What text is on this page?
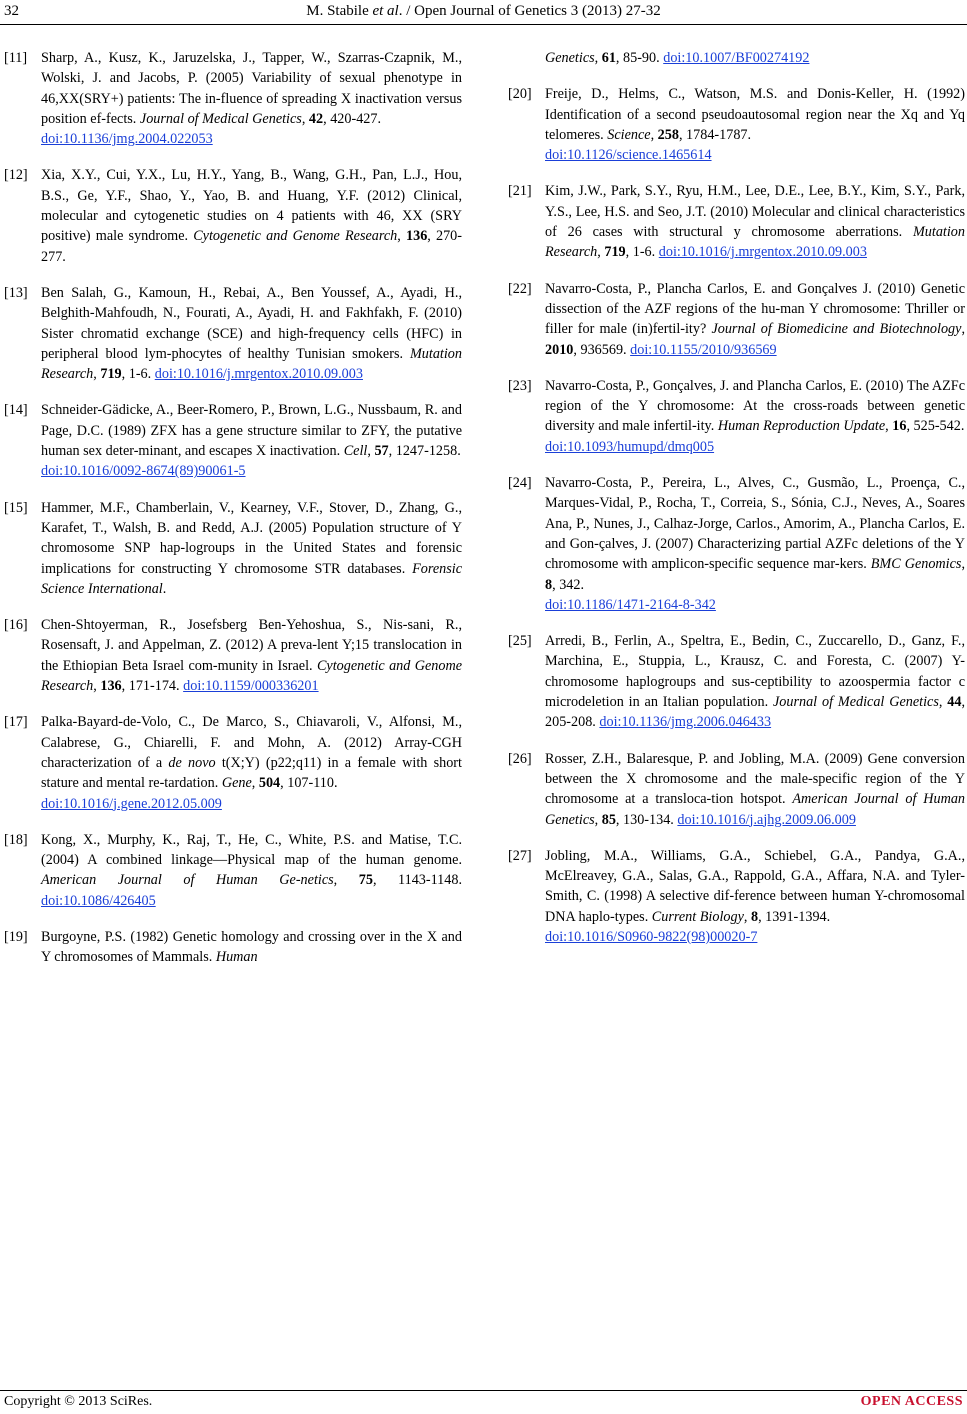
32	M. Stabile et al. / Open Journal of Genetics 3 (2013) 27-32
[11] Sharp, A., Kusz, K., Jaruzelska, J., Tapper, W., Szarras-Czapnik, M., Wolski, J. and Jacobs, P. (2005) Variability of sexual phenotype in 46,XX(SRY+) patients: The in-fluence of spreading X inactivation versus position ef-fects. Journal of Medical Genetics, 42, 420-427.
doi:10.1136/jmg.2004.022053
[12] Xia, X.Y., Cui, Y.X., Lu, H.Y., Yang, B., Wang, G.H., Pan, L.J., Hou, B.S., Ge, Y.F., Shao, Y., Yao, B. and Huang, Y.F. (2012) Clinical, molecular and cytogenetic studies on 4 patients with 46, XX (SRY positive) male syndrome. Cytogenetic and Genome Research, 136, 270-277.
[13] Ben Salah, G., Kamoun, H., Rebai, A., Ben Youssef, A., Ayadi, H., Belghith-Mahfoudh, N., Fourati, A., Ayadi, H. and Fakhfakh, F. (2010) Sister chromatid exchange (SCE) and high-frequency cells (HFC) in peripheral blood lym-phocytes of healthy Tunisian smokers. Mutation Research, 719, 1-6. doi:10.1016/j.mrgentox.2010.09.003
[14] Schneider-Gädicke, A., Beer-Romero, P., Brown, L.G., Nussbaum, R. and Page, D.C. (1989) ZFX has a gene structure similar to ZFY, the putative human sex deter-minant, and escapes X inactivation. Cell, 57, 1247-1258.
doi:10.1016/0092-8674(89)90061-5
[15] Hammer, M.F., Chamberlain, V., Kearney, V.F., Stover, D., Zhang, G., Karafet, T., Walsh, B. and Redd, A.J. (2005) Population structure of Y chromosome SNP hap-logroups in the United States and forensic implications for constructing Y chromosome STR databases. Forensic Science International.
[16] Chen-Shtoyerman, R., Josefsberg Ben-Yehoshua, S., Nis-sani, R., Rosensaft, J. and Appelman, Z. (2012) A preva-lent Y;15 translocation in the Ethiopian Beta Israel com-munity in Israel. Cytogenetic and Genome Research, 136, 171-174. doi:10.1159/000336201
[17] Palka-Bayard-de-Volo, C., De Marco, S., Chiavaroli, V., Alfonsi, M., Calabrese, G., Chiarelli, F. and Mohn, A. (2012) Array-CGH characterization of a de novo t(X;Y) (p22;q11) in a female with short stature and mental re-tardation. Gene, 504, 107-110.
doi:10.1016/j.gene.2012.05.009
[18] Kong, X., Murphy, K., Raj, T., He, C., White, P.S. and Matise, T.C. (2004) A combined linkage—Physical map of the human genome. American Journal of Human Ge-netics, 75, 1143-1148. doi:10.1086/426405
[19] Burgoyne, P.S. (1982) Genetic homology and crossing over in the X and Y chromosomes of Mammals. Human
Genetics, 61, 85-90. doi:10.1007/BF00274192
[20] Freije, D., Helms, C., Watson, M.S. and Donis-Keller, H. (1992) Identification of a second pseudoautosomal region near the Xq and Yq telomeres. Science, 258, 1784-1787.
doi:10.1126/science.1465614
[21] Kim, J.W., Park, S.Y., Ryu, H.M., Lee, D.E., Lee, B.Y., Kim, S.Y., Park, Y.S., Lee, H.S. and Seo, J.T. (2010) Molecular and clinical characteristics of 26 cases with structural y chromosome aberrations. Mutation Research, 719, 1-6. doi:10.1016/j.mrgentox.2010.09.003
[22] Navarro-Costa, P., Plancha Carlos, E. and Gonçalves J. (2010) Genetic dissection of the AZF regions of the hu-man Y chromosome: Thriller or filler for male (in)fertil-ity? Journal of Biomedicine and Biotechnology, 2010, 936569. doi:10.1155/2010/936569
[23] Navarro-Costa, P., Gonçalves, J. and Plancha Carlos, E. (2010) The AZFc region of the Y chromosome: At the cross-roads between genetic diversity and male infertil-ity. Human Reproduction Update, 16, 525-542.
doi:10.1093/humupd/dmq005
[24] Navarro-Costa, P., Pereira, L., Alves, C., Gusmão, L., Proença, C., Marques-Vidal, P., Rocha, T., Correia, S., Sónia, C.J., Neves, A., Soares Ana, P., Nunes, J., Calhaz-Jorge, Carlos., Amorim, A., Plancha Carlos, E. and Gon-çalves, J. (2007) Characterizing partial AZFc deletions of the Y chromosome with amplicon-specific sequence mar-kers. BMC Genomics, 8, 342.
doi:10.1186/1471-2164-8-342
[25] Arredi, B., Ferlin, A., Speltra, E., Bedin, C., Zuccarello, D., Ganz, F., Marchina, E., Stuppia, L., Krausz, C. and Foresta, C. (2007) Y-chromosome haplogroups and sus-ceptibility to azoospermia factor c microdeletion in an Italian population. Journal of Medical Genetics, 44, 205-208. doi:10.1136/jmg.2006.046433
[26] Rosser, Z.H., Balaresque, P. and Jobling, M.A. (2009) Gene conversion between the X chromosome and the male-specific region of the Y chromosome at a transloca-tion hotspot. American Journal of Human Genetics, 85, 130-134. doi:10.1016/j.ajhg.2009.06.009
[27] Jobling, M.A., Williams, G.A., Schiebel, G.A., Pandya, G.A., McElreavey, G.A., Salas, G.A., Rappold, G.A., Affara, N.A. and Tyler-Smith, C. (1998) A selective dif-ference between human Y-chromosomal DNA haplo-types. Current Biology, 8, 1391-1394.
doi:10.1016/S0960-9822(98)00020-7
Copyright © 2013 SciRes.	OPEN ACCESS
